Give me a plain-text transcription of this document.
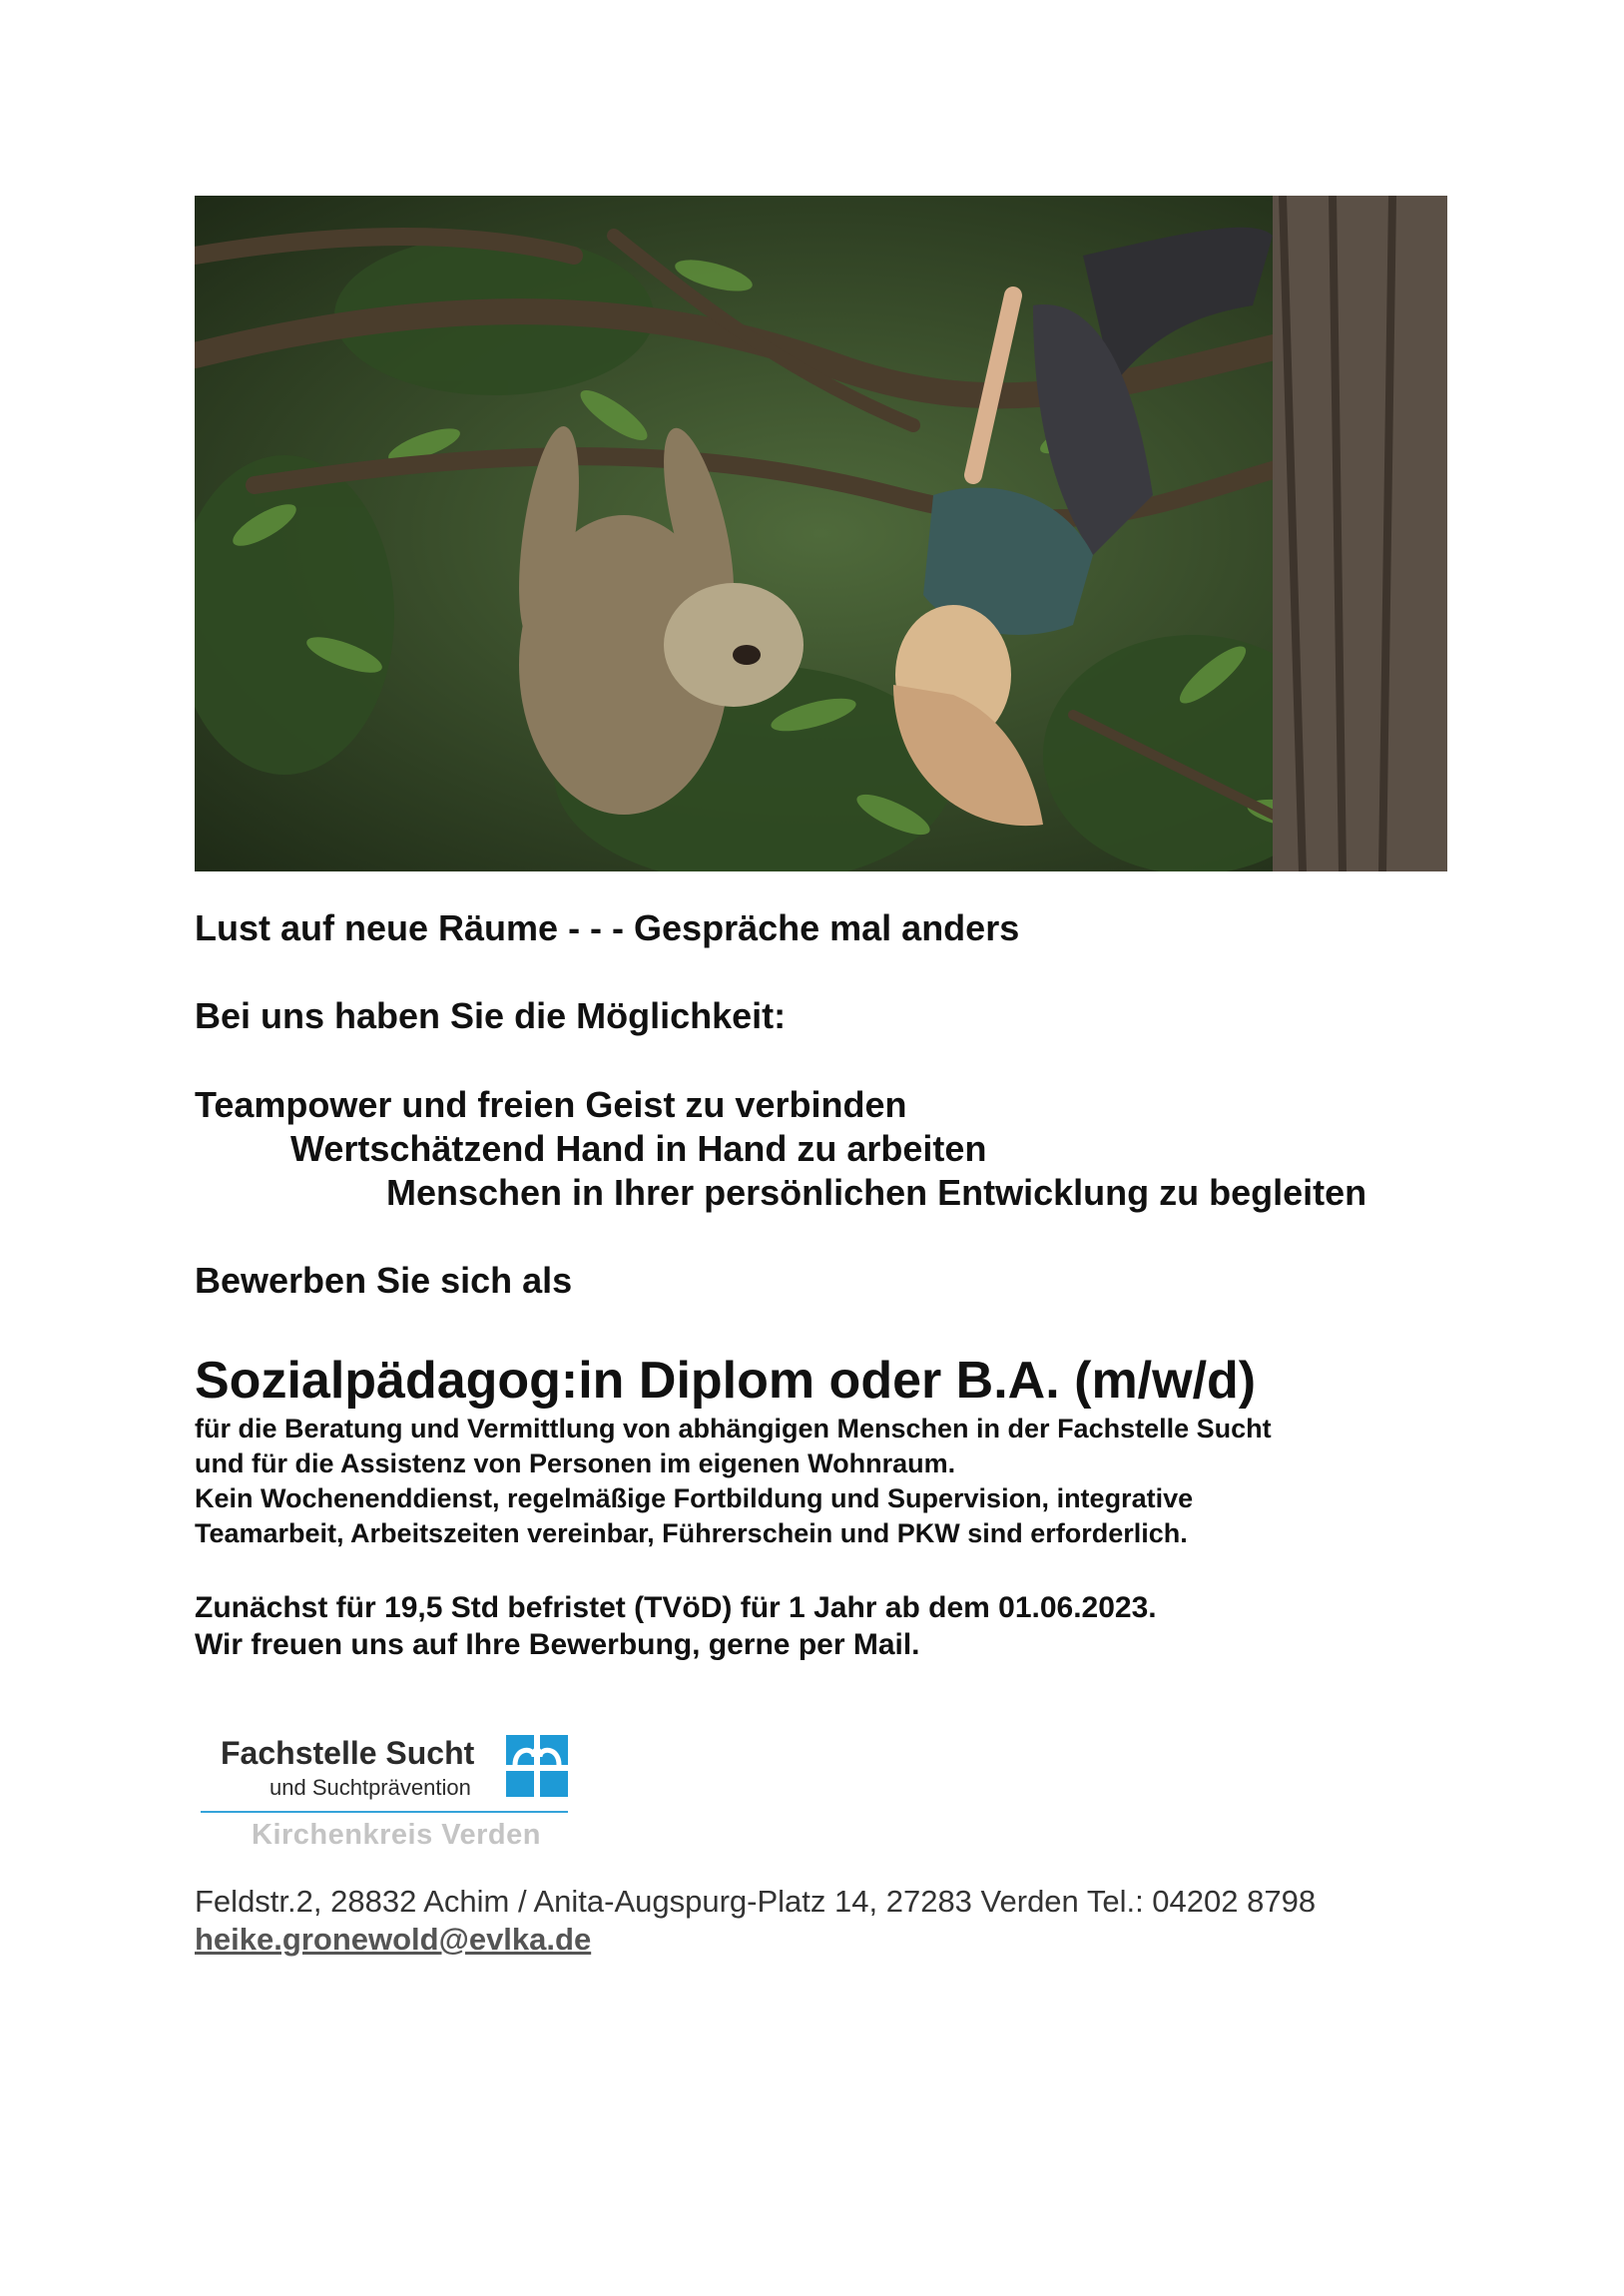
Lust auf neue Räume - - - Gespräche mal anders
Bei uns haben Sie die Möglichkeit:
Teampower und freien Geist zu verbinden
Wertschätzend Hand in Hand zu arbeiten
Menschen in Ihrer persönlichen Entwicklung zu begleiten
Bewerben Sie sich als
Sozialpädagog:in Diplom oder B.A. (m/w/d)
für die Beratung und Vermittlung von abhängigen Menschen in der Fachstelle Sucht
und für die Assistenz von Personen im eigenen Wohnraum.
Kein Wochenenddienst, regelmäßige Fortbildung und Supervision, integrative
Teamarbeit, Arbeitszeiten vereinbar, Führerschein und PKW sind erforderlich.
Zunächst für 19,5 Std befristet (TVöD) für 1 Jahr ab dem 01.06.2023.
Wir freuen uns auf Ihre Bewerbung, gerne per Mail.
Fachstelle Sucht
und Suchtprävention
Kirchenkreis Verden
Feldstr.2, 28832 Achim / Anita-Augspurg-Platz 14, 27283 Verden Tel.: 04202 8798
heike.gronewold@evlka.de
